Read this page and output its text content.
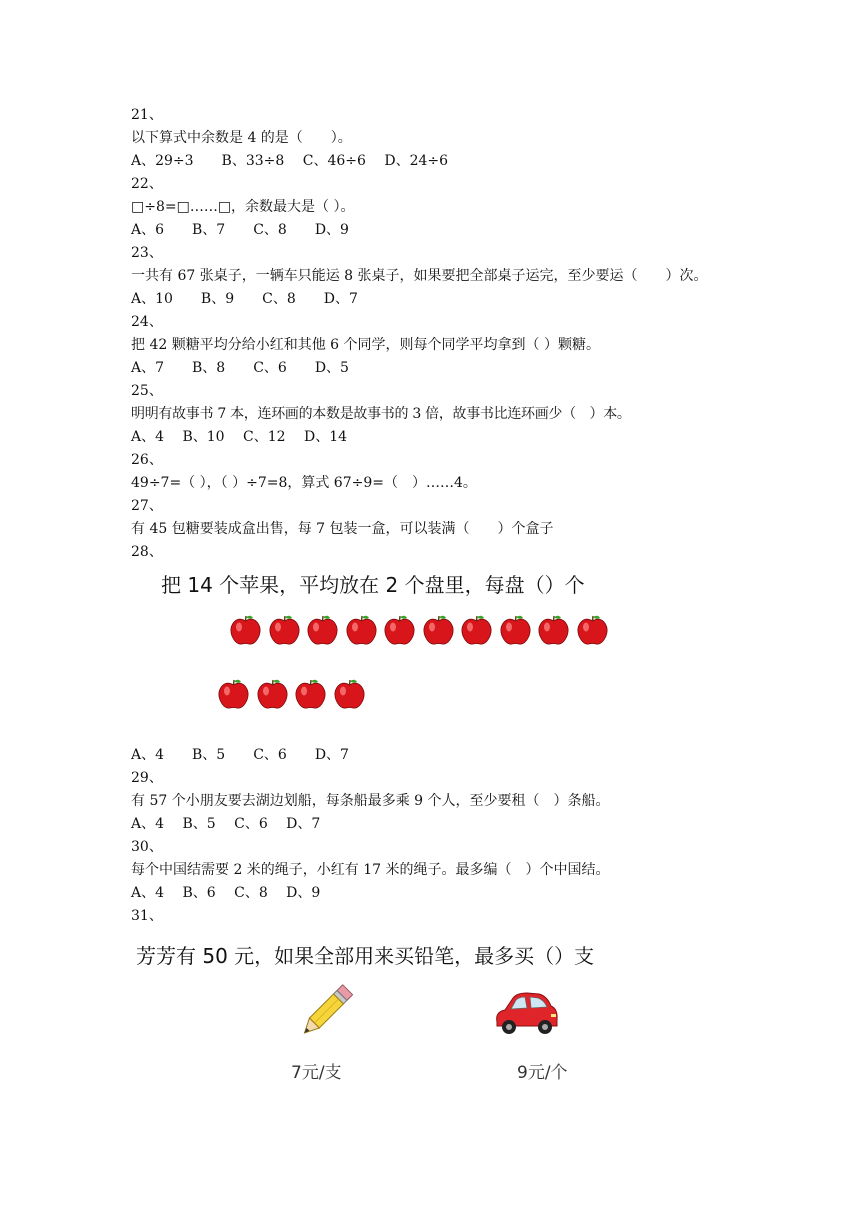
21、
以下算式中余数是 4 的是（　　）。
A、29÷3　　B、33÷8　 C、46÷6　 D、24÷6
22、
□÷8=□……□，余数最大是（ ）。
A、6　　B、7　　C、8　　D、9
23、
一共有 67 张桌子，一辆车只能运 8 张桌子，如果要把全部桌子运完，至少要运（　　）次。
A、10　　B、9　　C、8　　D、7
24、
把 42 颗糖平均分给小红和其他 6 个同学，则每个同学平均拿到（ ）颗糖。
A、7　　B、8　　C、6　　D、5
25、
明明有故事书 7 本，连环画的本数是故事书的 3 倍，故事书比连环画少（　）本。
A、4　 B、10　 C、12　 D、14
26、
49÷7=（ ），（ ）÷7=8，算式 67÷9=（　）……4。
27、
有 45 包糖要装成盒出售，每 7 包装一盒，可以装满（　　）个盒子
28、
把 14 个苹果，平均放在 2 个盘里，每盘（）个
A、4　　B、5　　C、6　　D、7
29、
有 57 个小朋友要去湖边划船，每条船最多乘 9 个人，至少要租（　）条船。
A、4　 B、5　 C、6　 D、7
30、
每个中国结需要 2 米的绳子，小红有 17 米的绳子。最多编（　）个中国结。
A、4　 B、6　 C、8　 D、9
31、
芳芳有 50 元，如果全部用来买铅笔，最多买（）支
7元/支	9元/个
